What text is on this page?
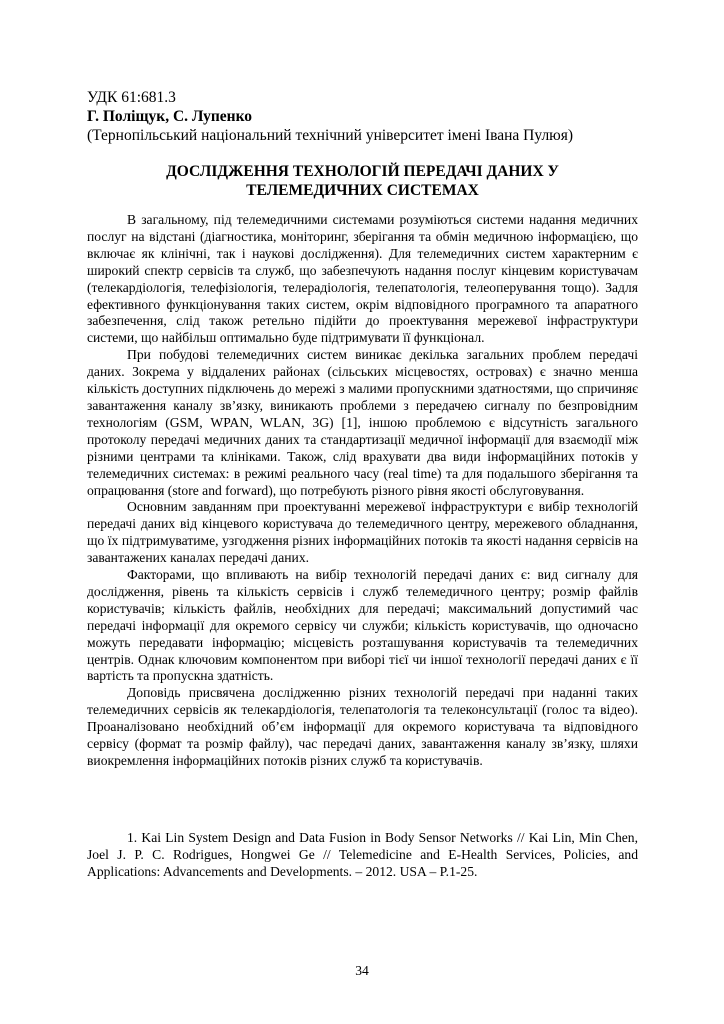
УДК 61:681.3
Г. Поліщук, С. Лупенко
(Тернопільський національний технічний університет імені Івана Пулюя)
ДОСЛІДЖЕННЯ ТЕХНОЛОГІЙ ПЕРЕДАЧІ ДАНИХ У
ТЕЛЕМЕДИЧНИХ СИСТЕМАХ

В загальному, під телемедичними системами розуміються системи надання медичних послуг на відстані (діагностика, моніторинг, зберігання та обмін медичною інформацією, що включає як клінічні, так і наукові дослідження). Для телемедичних систем характерним є широкий спектр сервісів та служб, що забезпечують надання послуг кінцевим користувачам (телекардіологія, телефізіологія, телерадіологія, телепатологія, телеоперування тощо). Задля ефективного функціонування таких систем, окрім відповідного програмного та апаратного забезпечення, слід також ретельно підійти до проектування мережевої інфраструктури системи, що найбільш оптимально буде підтримувати її функціонал.

При побудові телемедичних систем виникає декілька загальних проблем передачі даних. Зокрема у віддалених районах (сільських місцевостях, островах) є значно менша кількість доступних підключень до мережі з малими пропускними здатностями, що спричиняє завантаження каналу зв’язку, виникають проблеми з передачею сигналу по безпровідним технологіям (GSM, WPAN, WLAN, 3G) [1], іншою проблемою є відсутність загального протоколу передачі медичних даних та стандартизації медичної інформації для взаємодії між різними центрами та клініками. Також, слід врахувати два види інформаційних потоків у телемедичних системах: в режимі реального часу (real time) та для подальшого зберігання та опрацювання (store and forward), що потребують різного рівня якості обслуговування.

Основним завданням при проектуванні мережевої інфраструктури є вибір технологій передачі даних від кінцевого користувача до телемедичного центру, мережевого обладнання, що їх підтримуватиме, узгодження різних інформаційних потоків та якості надання сервісів на завантажених каналах передачі даних.

Факторами, що впливають на вибір технологій передачі даних є: вид сигналу для дослідження, рівень та кількість сервісів і служб телемедичного центру; розмір файлів користувачів; кількість файлів, необхідних для передачі; максимальний допустимий час передачі інформації для окремого сервісу чи служби; кількість користувачів, що одночасно можуть передавати інформацію; місцевість розташування користувачів та телемедичних центрів. Однак ключовим компонентом при виборі тієї чи іншої технології передачі даних є її вартість та пропускна здатність.

Доповідь присвячена дослідженню різних технологій передачі при наданні таких телемедичних сервісів як телекардіологія, телепатологія та телеконсультації (голос та відео). Проаналізовано необхідний об’єм інформації для окремого користувача та відповідного сервісу (формат та розмір файлу), час передачі даних, завантаження каналу зв’язку, шляхи виокремлення інформаційних потоків різних служб та користувачів.

1. Kai Lin System Design and Data Fusion in Body Sensor Networks // Kai Lin, Min Chen, Joel J. P. C. Rodrigues, Hongwei Ge // Telemedicine and E-Health Services, Policies, and Applications: Advancements and Developments. – 2012. USA – P.1-25.

34
